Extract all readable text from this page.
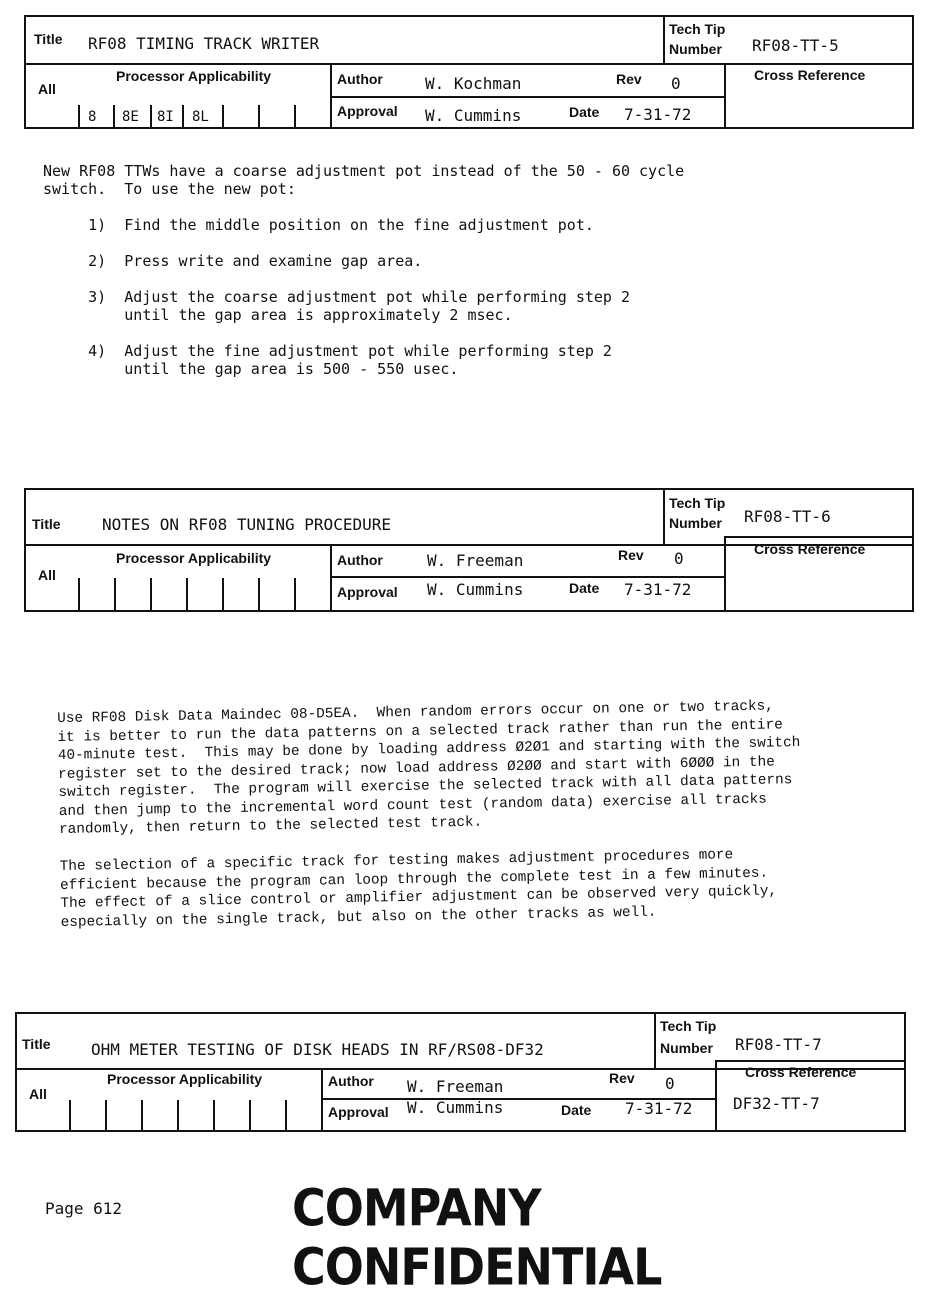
Title RF08 TIMING TRACK WRITER
Tech Tip
Number RF08-TT-5
All
Processor Applicability
8 8E 8I 8L
Author	W. Kochman	Rev 0
Approval W. Cummins	Date 7-31-72
Cross Reference
New RF08 TTWs have a coarse adjustment pot instead of the 50 - 60 cycle
switch.  To use the new pot:

1)  Find the middle position on the fine adjustment pot.

2)  Press write and examine gap area.

3)  Adjust the coarse adjustment pot while performing step 2
until the gap area is approximately 2 msec.

4)  Adjust the fine adjustment pot while performing step 2
until the gap area is 500 - 550 usec.
Title	NOTES ON RF08 TUNING PROCEDURE
Tech Tip
Number RF08-TT-6
All
Processor Applicability	Author	W. Freeman	Rev 0
Approval W. Cummins	Date 7-31-72
Cross Reference
Use RF08 Disk Data Maindec 08-D5EA.  When random errors occur on one or two tracks,
it is better to run the data patterns on a selected track rather than run the entire
40-minute test.  This may be done by loading address Ø2Ø1 and starting with the switch
register set to the desired track; now load address Ø2ØØ and start with 6ØØØ in the
switch register.  The program will exercise the selected track with all data patterns
and then jump to the incremental word count test (random data) exercise all tracks
randomly, then return to the selected test track.

The selection of a specific track for testing makes adjustment procedures more
efficient because the program can loop through the complete test in a few minutes.
The effect of a slice control or amplifier adjustment can be observed very quickly,
especially on the single track, but also on the other tracks as well.
Title	OHM METER TESTING OF DISK HEADS IN RF/RS08-DF32
Tech Tip
Number RF08-TT-7
All
Processor Applicability	Author W. Freeman	Rev 0
Approval W. Cummins	Date 7-31-72
Cross Reference
DF32-TT-7
Page 612	COMPANY CONFIDENTIAL
